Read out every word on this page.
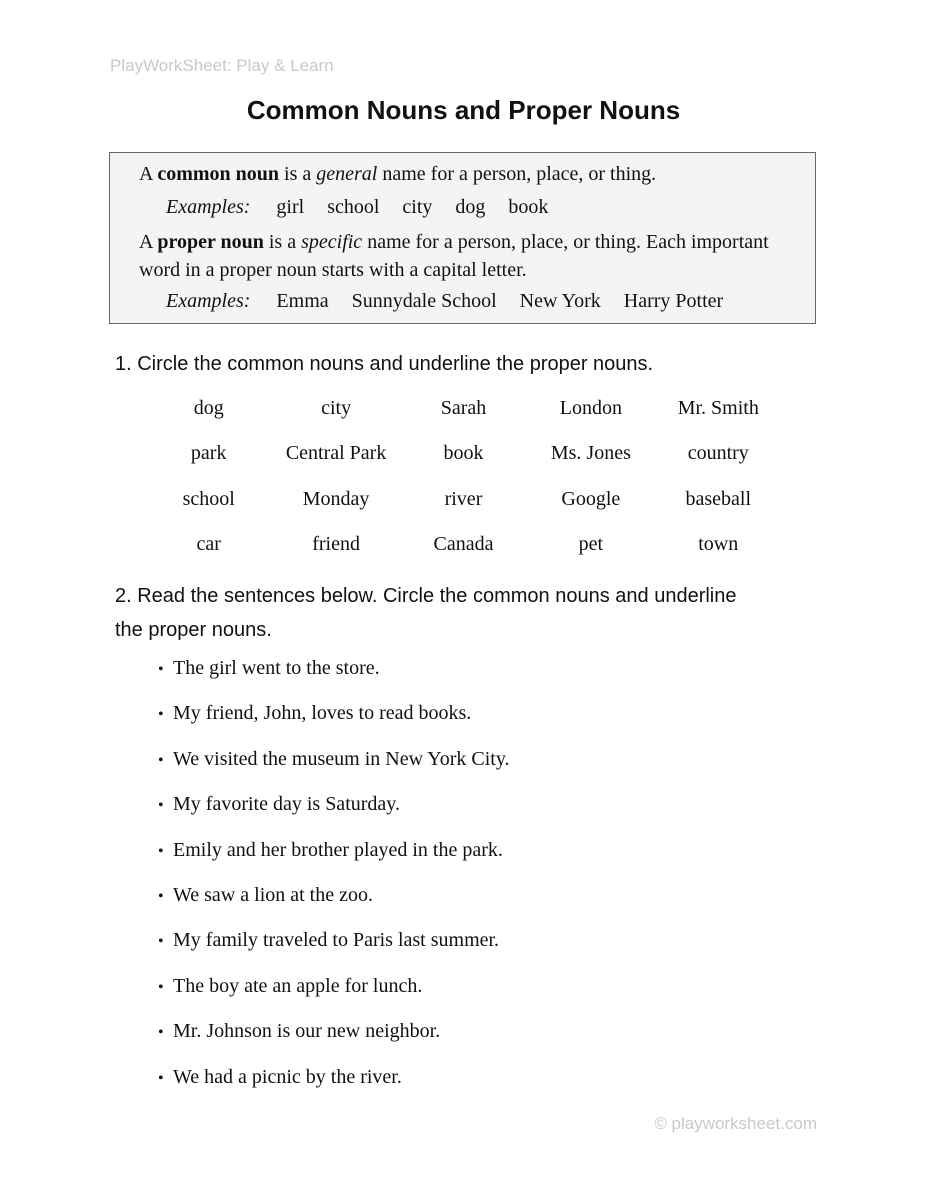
PlayWorkSheet: Play & Learn
Common Nouns and Proper Nouns
A common noun is a general name for a person, place, or thing.
Examples: girl school city dog book
A proper noun is a specific name for a person, place, or thing. Each important word in a proper noun starts with a capital letter.
Examples: Emma Sunnydale School New York Harry Potter
1. Circle the common nouns and underline the proper nouns.
dog	city	Sarah	London	Mr. Smith
park	Central Park	book	Ms. Jones	country
school	Monday	river	Google	baseball
car	friend	Canada	pet	town
2. Read the sentences below. Circle the common nouns and underline
the proper nouns.
• The girl went to the store.
• My friend, John, loves to read books.
• We visited the museum in New York City.
• My favorite day is Saturday.
• Emily and her brother played in the park.
• We saw a lion at the zoo.
• My family traveled to Paris last summer.
• The boy ate an apple for lunch.
• Mr. Johnson is our new neighbor.
• We had a picnic by the river.
© playworksheet.com
